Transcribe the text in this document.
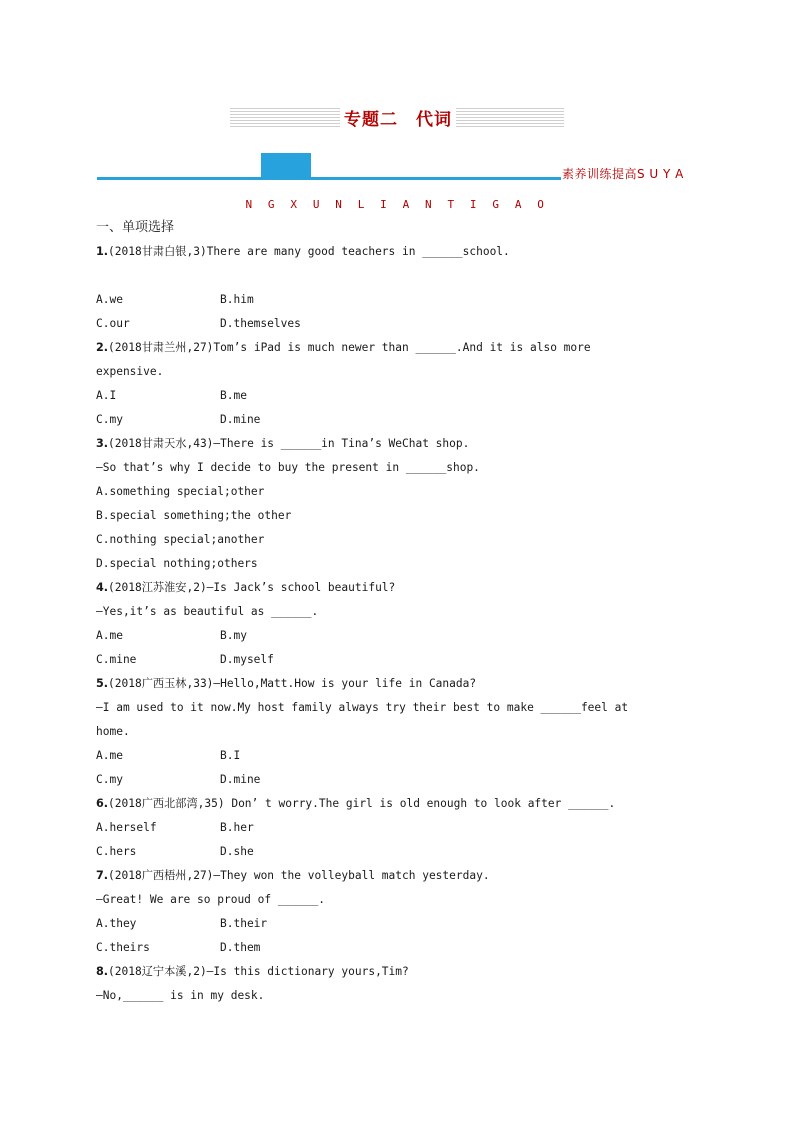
专题二　代词
素养训练提高S U Y A
N G X U N L I A N T I G A O
一、单项选择
1.(2018甘肃白银,3)There are many good teachers in ______school.
A.we	B.him
C.our	D.themselves
2.(2018甘肃兰州,27)Tom’s iPad is much newer than ______.And it is also more
expensive.
A.I	B.me
C.my	D.mine
3.(2018甘肃天水,43)—There is ______in Tina’s WeChat shop.
—So that’s why I decide to buy the present in ______shop.
A.something special;other
B.special something;the other
C.nothing special;another
D.special nothing;others
4.(2018江苏淮安,2)—Is Jack’s school beautiful?
—Yes,it’s as beautiful as ______.
A.me	B.my
C.mine	D.myself
5.(2018广西玉林,33)—Hello,Matt.How is your life in Canada?
—I am used to it now.My host family always try their best to make ______feel at
home.
A.me	B.I
C.my	D.mine
6.(2018广西北部湾,35) Don’ t worry.The girl is old enough to look after ______.
A.herself	B.her
C.hers	D.she
7.(2018广西梧州,27)—They won the volleyball match yesterday.
—Great! We are so proud of ______.
A.they	B.their
C.theirs	D.them
8.(2018辽宁本溪,2)—Is this dictionary yours,Tim?
—No,______ is in my desk.
